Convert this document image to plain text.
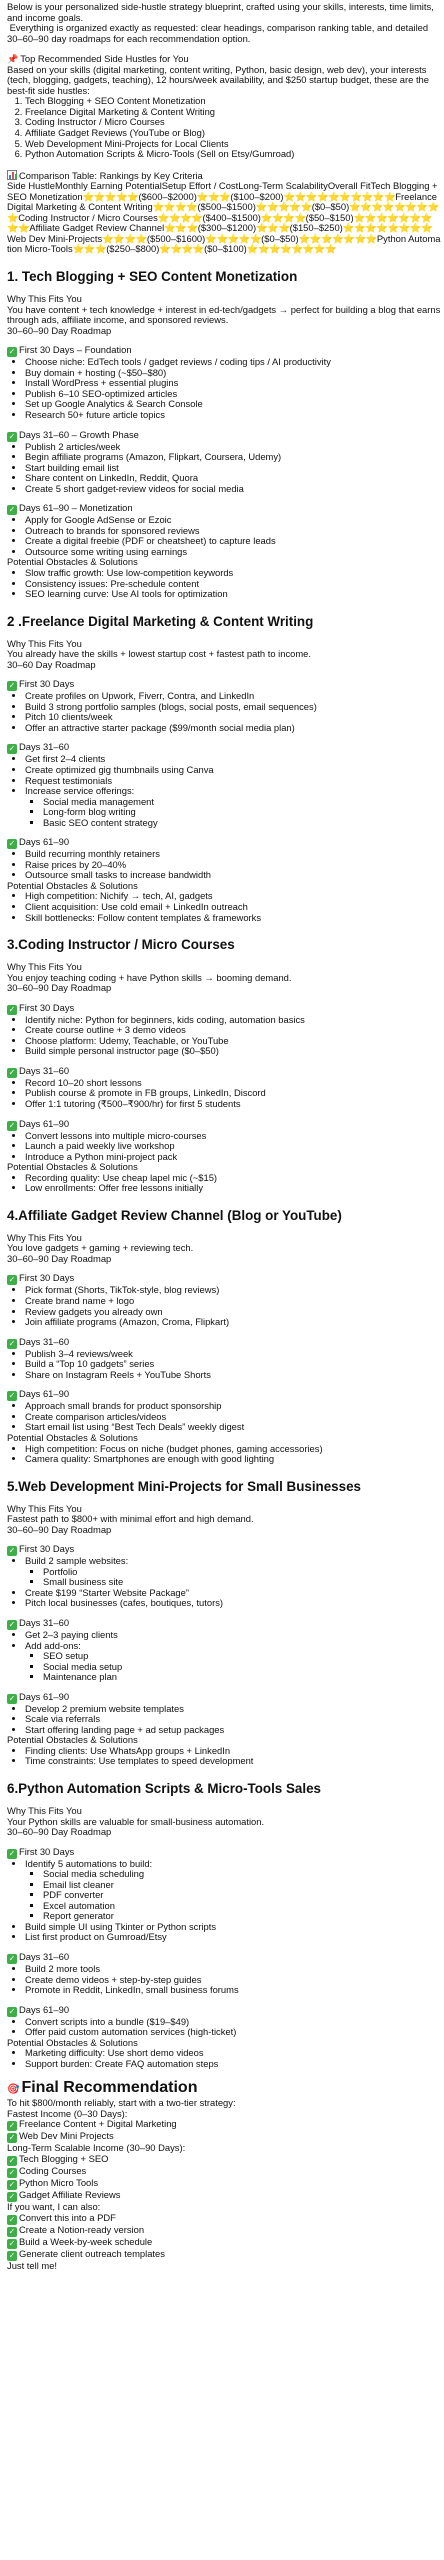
Below is your personalized side-hustle strategy blueprint, crafted using your skills, interests, time limits, and income goals.

Everything is organized exactly as requested: clear headings, comparison ranking table, and detailed 30–60–90 day roadmaps for each recommendation option.

📌 Top Recommended Side Hustles for You

Based on your skills (digital marketing, content writing, Python, basic design, web dev), your interests (tech, blogging, gadgets, teaching), 12 hours/week availability, and $250 startup budget, these are the best-fit side hustles:

1. Tech Blogging + SEO Content Monetization
2. Freelance Digital Marketing & Content Writing
3. Coding Instructor / Micro Courses
4. Affiliate Gadget Reviews (YouTube or Blog)
5. Web Development Mini-Projects for Local Clients
6. Python Automation Scripts & Micro-Tools (Sell on Etsy/Gumroad)

Comparison Table: Rankings by Key Criteria

Side HustleMonthly Earning PotentialSetup Effort / CostLong-Term ScalabilityOverall FitTech Blogging + SEO Monetization⭐⭐⭐⭐⭐($600–$2000)⭐⭐⭐($100–$200)⭐⭐⭐⭐⭐⭐⭐⭐⭐⭐Freelance Digital Marketing & Content Writing⭐⭐⭐⭐($500–$1500)⭐⭐⭐⭐⭐($0–$50)⭐⭐⭐⭐⭐⭐⭐⭐⭐Coding Instructor / Micro Courses⭐⭐⭐⭐($400–$1500)⭐⭐⭐⭐($50–$150)⭐⭐⭐⭐⭐⭐⭐⭐⭐Affiliate Gadget Review Channel⭐⭐⭐($300–$1200)⭐⭐⭐($150–$250)⭐⭐⭐⭐⭐⭐⭐⭐Web Dev Mini-Projects⭐⭐⭐⭐($500–$1600)⭐⭐⭐⭐⭐($0–$50)⭐⭐⭐⭐⭐⭐⭐Python Automation Micro-Tools⭐⭐⭐($250–$800)⭐⭐⭐⭐($0–$100)⭐⭐⭐⭐⭐⭐⭐⭐

1. Tech Blogging + SEO Content Monetization

Why This Fits You

You have content + tech knowledge + interest in ed-tech/gadgets → perfect for building a blog that earns through ads, affiliate income, and sponsored reviews.

30–60–90 Day Roadmap

✓ First 30 Days – Foundation

• Choose niche: EdTech tools / gadget reviews / coding tips / AI productivity
• Buy domain + hosting (~$50–$80)
• Install WordPress + essential plugins
• Publish 6–10 SEO-optimized articles
• Set up Google Analytics & Search Console
• Research 50+ future article topics

✓ Days 31–60 – Growth Phase

• Publish 2 articles/week
• Begin affiliate programs (Amazon, Flipkart, Coursera, Udemy)
• Start building email list
• Share content on LinkedIn, Reddit, Quora
• Create 5 short gadget-review videos for social media

✓ Days 61–90 – Monetization

• Apply for Google AdSense or Ezoic
• Outreach to brands for sponsored reviews
• Create a digital freebie (PDF or cheatsheet) to capture leads
• Outsource some writing using earnings

Potential Obstacles & Solutions

• Slow traffic growth: Use low-competition keywords
• Consistency issues: Pre-schedule content
• SEO learning curve: Use AI tools for optimization
2 .Freelance Digital Marketing & Content Writing

Why This Fits You

You already have the skills + lowest startup cost + fastest path to income.

30–60 Day Roadmap

✓ First 30 Days

• Create profiles on Upwork, Fiverr, Contra, and LinkedIn
• Build 3 strong portfolio samples (blogs, social posts, email sequences)
• Pitch 10 clients/week
• Offer an attractive starter package ($99/month social media plan)

✓ Days 31–60

• Get first 2–4 clients
• Create optimized gig thumbnails using Canva
• Request testimonials
• Increase service offerings:
▪ Social media management
▪ Long-form blog writing
▪ Basic SEO content strategy

✓ Days 61–90

• Build recurring monthly retainers
• Raise prices by 20–40%
• Outsource small tasks to increase bandwidth

Potential Obstacles & Solutions

• High competition: Nichify → tech, AI, gadgets
• Client acquisition: Use cold email + LinkedIn outreach
• Skill bottlenecks: Follow content templates & frameworks
3.Coding Instructor / Micro Courses

Why This Fits You

You enjoy teaching coding + have Python skills → booming demand.

30–60–90 Day Roadmap

✓ First 30 Days

• Identify niche: Python for beginners, kids coding, automation basics
• Create course outline + 3 demo videos
• Choose platform: Udemy, Teachable, or YouTube
• Build simple personal instructor page ($0–$50)

✓ Days 31–60

• Record 10–20 short lessons
• Publish course & promote in FB groups, LinkedIn, Discord
• Offer 1:1 tutoring (₹500–₹900/hr) for first 5 students

✓ Days 61–90

• Convert lessons into multiple micro-courses
• Launch a paid weekly live workshop
• Introduce a Python mini-project pack

Potential Obstacles & Solutions

• Recording quality: Use cheap lapel mic (~$15)
• Low enrollments: Offer free lessons initially
4.Affiliate Gadget Review Channel (Blog or YouTube)

Why This Fits You

You love gadgets + gaming + reviewing tech.

30–60–90 Day Roadmap

✓ First 30 Days

• Pick format (Shorts, TikTok-style, blog reviews)
• Create brand name + logo
• Review gadgets you already own
• Join affiliate programs (Amazon, Croma, Flipkart)

✓ Days 31–60

• Publish 3–4 reviews/week
• Build a “Top 10 gadgets” series
• Share on Instagram Reels + YouTube Shorts

✓ Days 61–90

• Approach small brands for product sponsorship
• Create comparison articles/videos
• Start email list using “Best Tech Deals” weekly digest

Potential Obstacles & Solutions

• High competition: Focus on niche (budget phones, gaming accessories)
• Camera quality: Smartphones are enough with good lighting
5.Web Development Mini-Projects for Small Businesses

Why This Fits You

Fastest path to $800+ with minimal effort and high demand.

30–60–90 Day Roadmap

✓ First 30 Days

• Build 2 sample websites:
▪ Portfolio
▪ Small business site
• Create $199 “Starter Website Package”
• Pitch local businesses (cafes, boutiques, tutors)

✓ Days 31–60

• Get 2–3 paying clients
• Add add-ons:
▪ SEO setup
▪ Social media setup
▪ Maintenance plan

✓ Days 61–90

• Develop 2 premium website templates
• Scale via referrals
• Start offering landing page + ad setup packages

Potential Obstacles & Solutions

• Finding clients: Use WhatsApp groups + LinkedIn
• Time constraints: Use templates to speed development
6.Python Automation Scripts & Micro-Tools Sales

Why This Fits You

Your Python skills are valuable for small-business automation.

30–60–90 Day Roadmap

✓ First 30 Days

• Identify 5 automations to build:
▪ Social media scheduling
▪ Email list cleaner
▪ PDF converter
▪ Excel automation
▪ Report generator
• Build simple UI using Tkinter or Python scripts
• List first product on Gumroad/Etsy

✓ Days 31–60

• Build 2 more tools
• Create demo videos + step-by-step guides
• Promote in Reddit, LinkedIn, small business forums

✓ Days 61–90

• Convert scripts into a bundle ($19–$49)
• Offer paid custom automation services (high-ticket)

Potential Obstacles & Solutions

• Marketing difficulty: Use short demo videos
• Support burden: Create FAQ automation steps
🎯 Final Recommendation

To hit $800/month reliably, start with a two-tier strategy:

Fastest Income (0–30 Days):

✓ Freelance Content + Digital Marketing

✓ Web Dev Mini Projects

Long-Term Scalable Income (30–90 Days):

✓ Tech Blogging + SEO

✓ Coding Courses

✓ Python Micro Tools

✓ Gadget Affiliate Reviews

If you want, I can also:

✓ Convert this into a PDF

✓ Create a Notion-ready version

✓ Build a Week-by-week schedule

✓ Generate client outreach templates

Just tell me!
